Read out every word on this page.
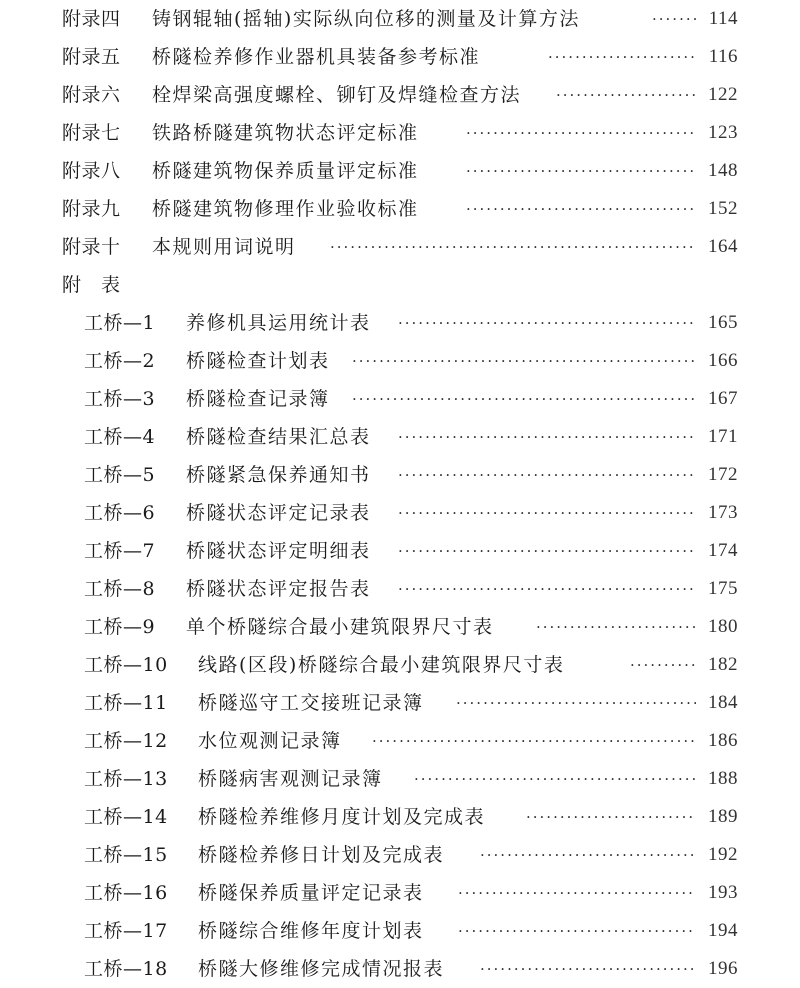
附录四 铸钢辊轴(摇轴)实际纵向位移的测量及计算方法 ·····	114
附录五 桥隧检养修作业器机具装备参考标准 ·····	116
附录六 栓焊梁高强度螺栓、铆钉及焊缝检查方法 ·····	122
附录七 铁路桥隧建筑物状态评定标准 ·····	123
附录八 桥隧建筑物保养质量评定标准 ·····	148
附录九 桥隧建筑物修理作业验收标准 ·····	152
附录十 本规则用词说明 ·····	164
附表
工桥—1 养修机具运用统计表 ·····	165
工桥—2 桥隧检查计划表 ·····	166
工桥—3 桥隧检查记录簿 ·····	167
工桥—4 桥隧检查结果汇总表 ·····	171
工桥—5 桥隧紧急保养通知书 ·····	172
工桥—6 桥隧状态评定记录表 ·····	173
工桥—7 桥隧状态评定明细表 ·····	174
工桥—8 桥隧状态评定报告表 ·····	175
工桥—9 单个桥隧综合最小建筑限界尺寸表 ·····	180
工桥—10 线路(区段)桥隧综合最小建筑限界尺寸表 ·····	182
工桥—11 桥隧巡守工交接班记录簿 ·····	184
工桥—12 水位观测记录簿 ·····	186
工桥—13 桥隧病害观测记录簿 ·····	188
工桥—14 桥隧检养维修月度计划及完成表 ·····	189
工桥—15 桥隧检养修日计划及完成表 ·····	192
工桥—16 桥隧保养质量评定记录表 ·····	193
工桥—17 桥隧综合维修年度计划表 ·····	194
工桥—18 桥隧大修维修完成情况报表 ·····	196
